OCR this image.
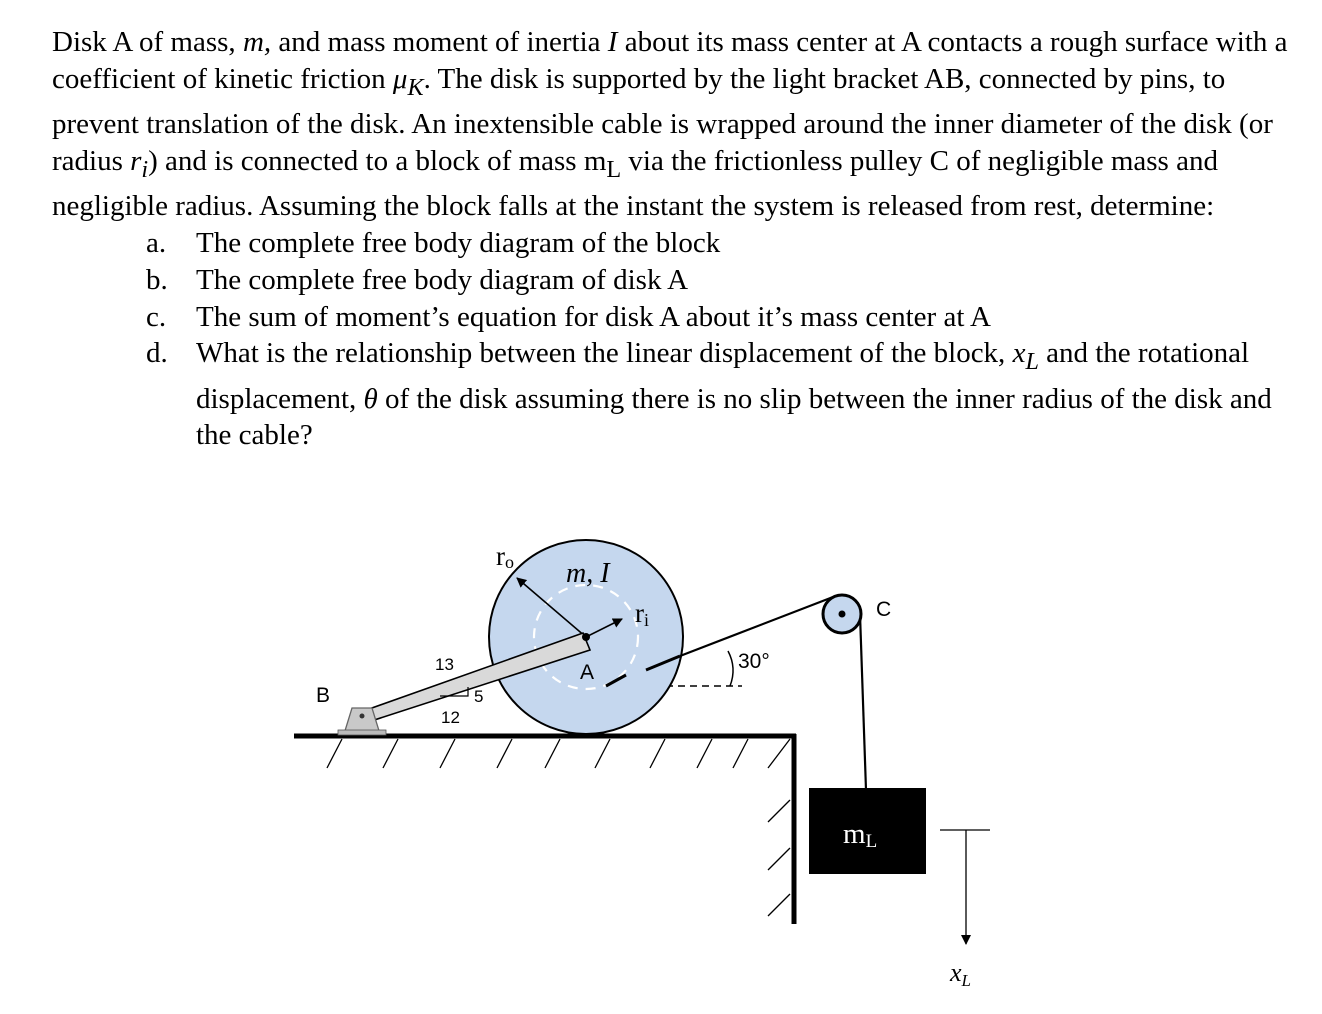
Disk A of mass, m, and mass moment of inertia I about its mass center at A contacts a rough surface with a coefficient of kinetic friction $\mu_K$. The disk is supported by the light bracket AB, connected by pins, to prevent translation of the disk. An inextensible cable is wrapped around the inner diameter of the disk (or radius $r_i$) and is connected to a block of mass $m_L$ via the frictionless pulley C of negligible mass and negligible radius. Assuming the block falls at the instant the system is released from rest, determine:

a. The complete free body diagram of the block
b. The complete free body diagram of disk A
c. The sum of moment’s equation for disk A about it’s mass center at A
d. What is the relationship between the linear displacement of the block, $x_L$ and the rotational displacement, θ of the disk assuming there is no slip between the inner radius of the disk and the cable?
ro m, I
ri
A
B
C
13
5
12
30°
mL
xL
